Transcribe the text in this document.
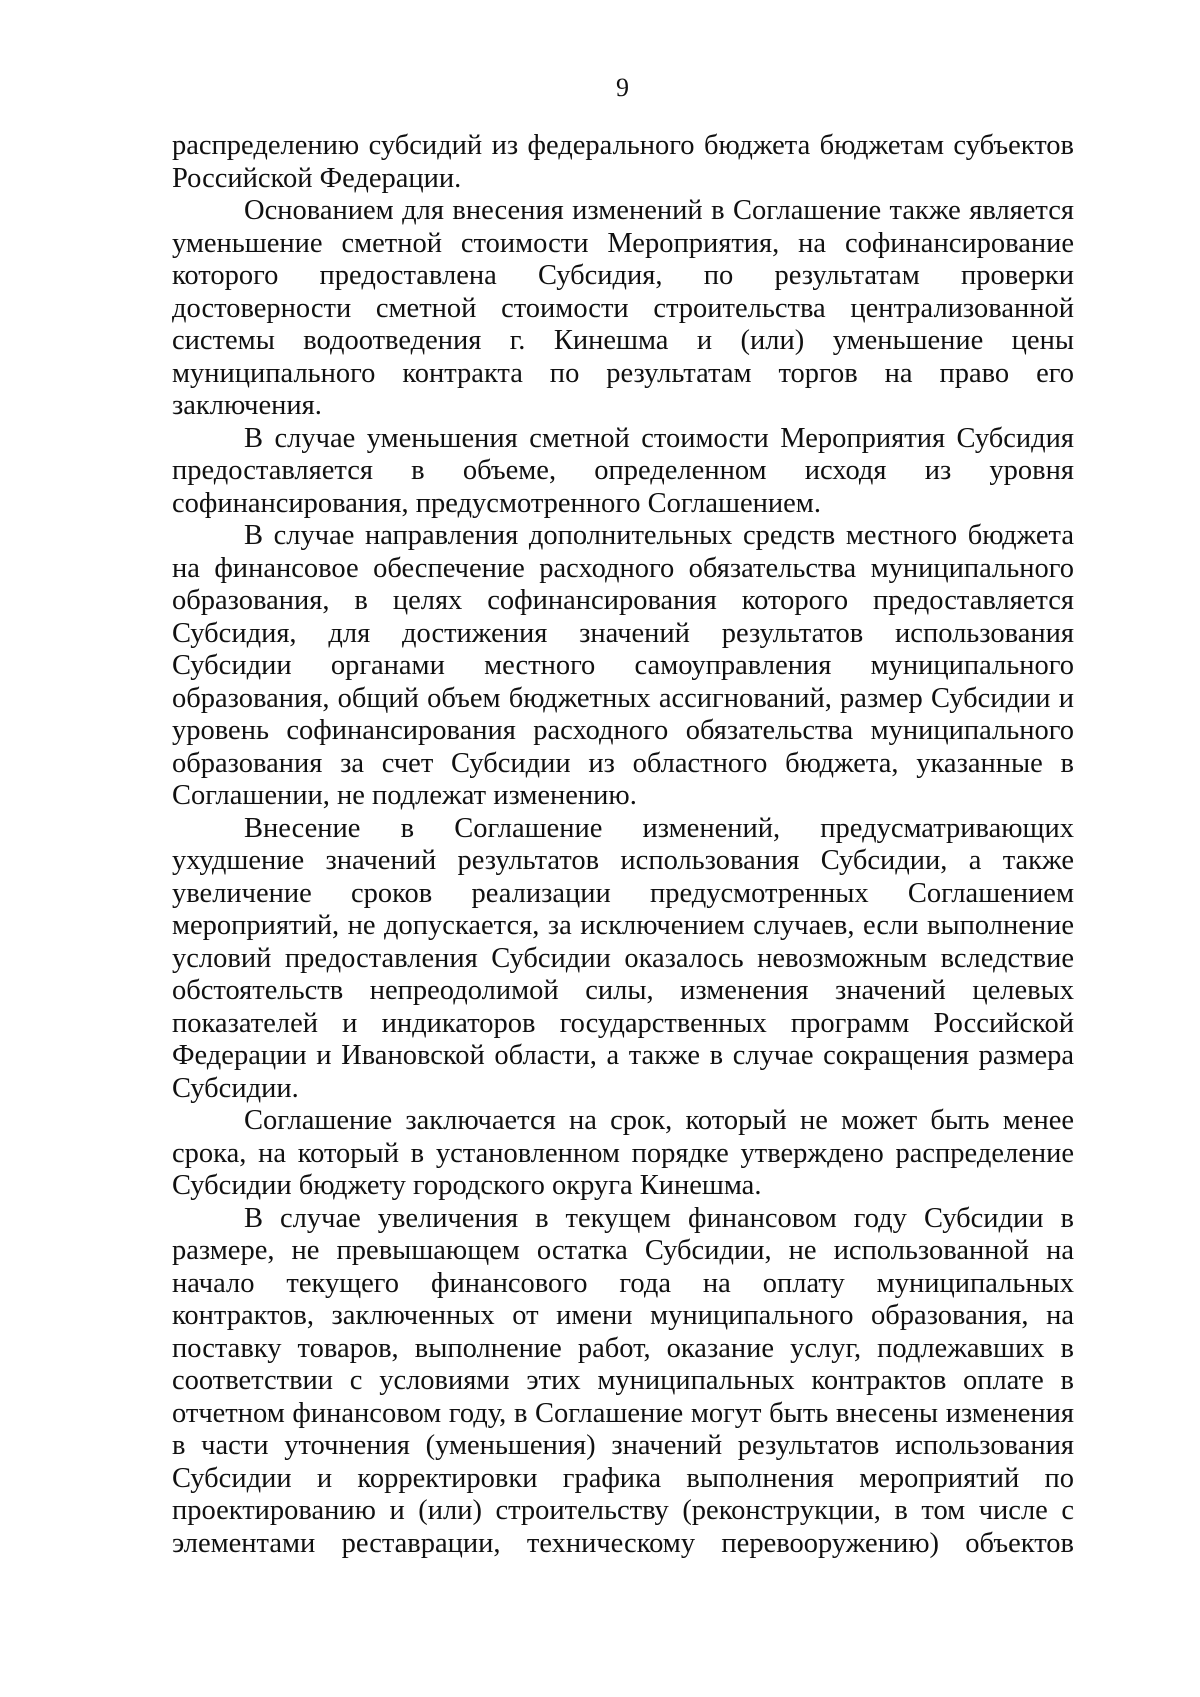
9

распределению субсидий из федерального бюджета бюджетам субъектов Российской Федерации.

Основанием для внесения изменений в Соглашение также является уменьшение сметной стоимости Мероприятия, на софинансирование которого предоставлена Субсидия, по результатам проверки достоверности сметной стоимости строительства централизованной системы водоотведения г. Кинешма и (или) уменьшение цены муниципального контракта по результатам торгов на право его заключения.

В случае уменьшения сметной стоимости Мероприятия Субсидия предоставляется в объеме, определенном исходя из уровня софинансирования, предусмотренного Соглашением.

В случае направления дополнительных средств местного бюджета на финансовое обеспечение расходного обязательства муниципального образования, в целях софинансирования которого предоставляется Субсидия, для достижения значений результатов использования Субсидии органами местного самоуправления муниципального образования, общий объем бюджетных ассигнований, размер Субсидии и уровень софинансирования расходного обязательства муниципального образования за счет Субсидии из областного бюджета, указанные в Соглашении, не подлежат изменению.

Внесение в Соглашение изменений, предусматривающих ухудшение значений результатов использования Субсидии, а также увеличение сроков реализации предусмотренных Соглашением мероприятий, не допускается, за исключением случаев, если выполнение условий предоставления Субсидии оказалось невозможным вследствие обстоятельств непреодолимой силы, изменения значений целевых показателей и индикаторов государственных программ Российской Федерации и Ивановской области, а также в случае сокращения размера Субсидии.

Соглашение заключается на срок, который не может быть менее срока, на который в установленном порядке утверждено распределение Субсидии бюджету городского округа Кинешма.

В случае увеличения в текущем финансовом году Субсидии в размере, не превышающем остатка Субсидии, не использованной на начало текущего финансового года на оплату муниципальных контрактов, заключенных от имени муниципального образования, на поставку товаров, выполнение работ, оказание услуг, подлежавших в соответствии с условиями этих муниципальных контрактов оплате в отчетном финансовом году, в Соглашение могут быть внесены изменения в части уточнения (уменьшения) значений результатов использования Субсидии и корректировки графика выполнения мероприятий по проектированию и (или) строительству (реконструкции, в том числе с элементами реставрации, техническому перевооружению) объектов
